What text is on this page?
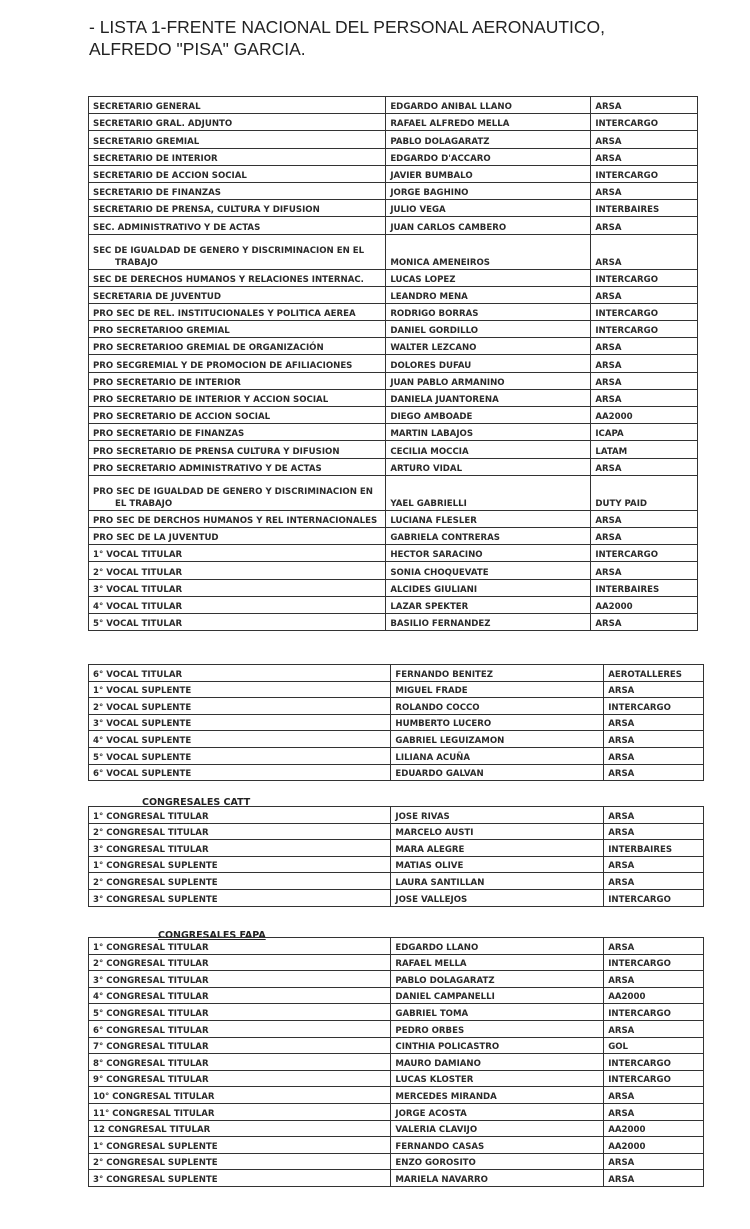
- LISTA 1-FRENTE NACIONAL DEL PERSONAL AERONAUTICO,
ALFREDO "PISA" GARCIA.
SECRETARIO GENERAL	EDGARDO ANIBAL LLANO	ARSA
SECRETARIO GRAL. ADJUNTO	RAFAEL ALFREDO MELLA	INTERCARGO
SECRETARIO GREMIAL	PABLO DOLAGARATZ	ARSA
SECRETARIO DE INTERIOR	EDGARDO D'ACCARO	ARSA
SECRETARIO DE ACCION SOCIAL	JAVIER BUMBALO	INTERCARGO
SECRETARIO DE FINANZAS	JORGE BAGHINO	ARSA
SECRETARIO DE PRENSA, CULTURA Y DIFUSION	JULIO VEGA	INTERBAIRES
SEC. ADMINISTRATIVO Y DE ACTAS	JUAN CARLOS CAMBERO	ARSA

SEC DE IGUALDAD DE GENERO Y DISCRIMINACION EN EL
TRABAJO	MONICA AMENEIROS	ARSA
SEC DE DERECHOS HUMANOS Y RELACIONES INTERNAC.	LUCAS LOPEZ	INTERCARGO
SECRETARIA DE JUVENTUD	LEANDRO MENA	ARSA
PRO SEC DE REL. INSTITUCIONALES Y POLITICA AEREA	RODRIGO BORRAS	INTERCARGO
PRO SECRETARIOO GREMIAL	DANIEL GORDILLO	INTERCARGO
PRO SECRETARIOO GREMIAL DE ORGANIZACIÓN	WALTER LEZCANO	ARSA
PRO SECGREMIAL Y DE PROMOCION DE AFILIACIONES	DOLORES DUFAU	ARSA
PRO SECRETARIO DE INTERIOR	JUAN PABLO ARMANINO	ARSA
PRO SECRETARIO DE INTERIOR Y ACCION SOCIAL	DANIELA JUANTORENA	ARSA
PRO SECRETARIO DE ACCION SOCIAL	DIEGO AMBOADE	AA2000
PRO SECRETARIO DE FINANZAS	MARTIN LABAJOS	ICAPA
PRO SECRETARIO DE PRENSA CULTURA Y DIFUSION	CECILIA MOCCIA	LATAM
PRO SECRETARIO ADMINISTRATIVO Y DE ACTAS	ARTURO VIDAL	ARSA

PRO SEC DE IGUALDAD DE GENERO Y DISCRIMINACION EN
EL TRABAJO	YAEL GABRIELLI	DUTY PAID
PRO SEC DE DERCHOS HUMANOS Y REL INTERNACIONALES	LUCIANA FLESLER	ARSA
PRO SEC DE LA JUVENTUD	GABRIELA CONTRERAS	ARSA
1° VOCAL TITULAR	HECTOR SARACINO	INTERCARGO
2° VOCAL TITULAR	SONIA CHOQUEVATE	ARSA
3° VOCAL TITULAR	ALCIDES GIULIANI	INTERBAIRES
4° VOCAL TITULAR	LAZAR SPEKTER	AA2000
5° VOCAL TITULAR	BASILIO FERNANDEZ	ARSA
6° VOCAL TITULAR	FERNANDO BENITEZ	AEROTALLERES
1° VOCAL SUPLENTE	MIGUEL FRADE	ARSA
2° VOCAL SUPLENTE	ROLANDO COCCO	INTERCARGO
3° VOCAL SUPLENTE	HUMBERTO LUCERO	ARSA
4° VOCAL SUPLENTE	GABRIEL LEGUIZAMON	ARSA
5° VOCAL SUPLENTE	LILIANA ACUÑA	ARSA
6° VOCAL SUPLENTE	EDUARDO GALVAN	ARSA
CONGRESALES CATT
1° CONGRESAL TITULAR	JOSE RIVAS	ARSA
2° CONGRESAL TITULAR	MARCELO AUSTI	ARSA
3° CONGRESAL TITULAR	MARA ALEGRE	INTERBAIRES
1° CONGRESAL SUPLENTE	MATIAS OLIVE	ARSA
2° CONGRESAL SUPLENTE	LAURA SANTILLAN	ARSA
3° CONGRESAL SUPLENTE	JOSE VALLEJOS	INTERCARGO
CONGRESALES FAPA
1° CONGRESAL TITULAR	EDGARDO LLANO	ARSA
2° CONGRESAL TITULAR	RAFAEL MELLA	INTERCARGO
3° CONGRESAL TITULAR	PABLO DOLAGARATZ	ARSA
4° CONGRESAL TITULAR	DANIEL CAMPANELLI	AA2000
5° CONGRESAL TITULAR	GABRIEL TOMA	INTERCARGO
6° CONGRESAL TITULAR	PEDRO ORBES	ARSA
7° CONGRESAL TITULAR	CINTHIA POLICASTRO	GOL
8° CONGRESAL TITULAR	MAURO DAMIANO	INTERCARGO
9° CONGRESAL TITULAR	LUCAS KLOSTER	INTERCARGO
10° CONGRESAL TITULAR	MERCEDES MIRANDA	ARSA
11° CONGRESAL TITULAR	JORGE ACOSTA	ARSA
12 CONGRESAL TITULAR	VALERIA CLAVIJO	AA2000
1° CONGRESAL SUPLENTE	FERNANDO CASAS	AA2000
2° CONGRESAL SUPLENTE	ENZO GOROSITO	ARSA
3° CONGRESAL SUPLENTE	MARIELA NAVARRO	ARSA
